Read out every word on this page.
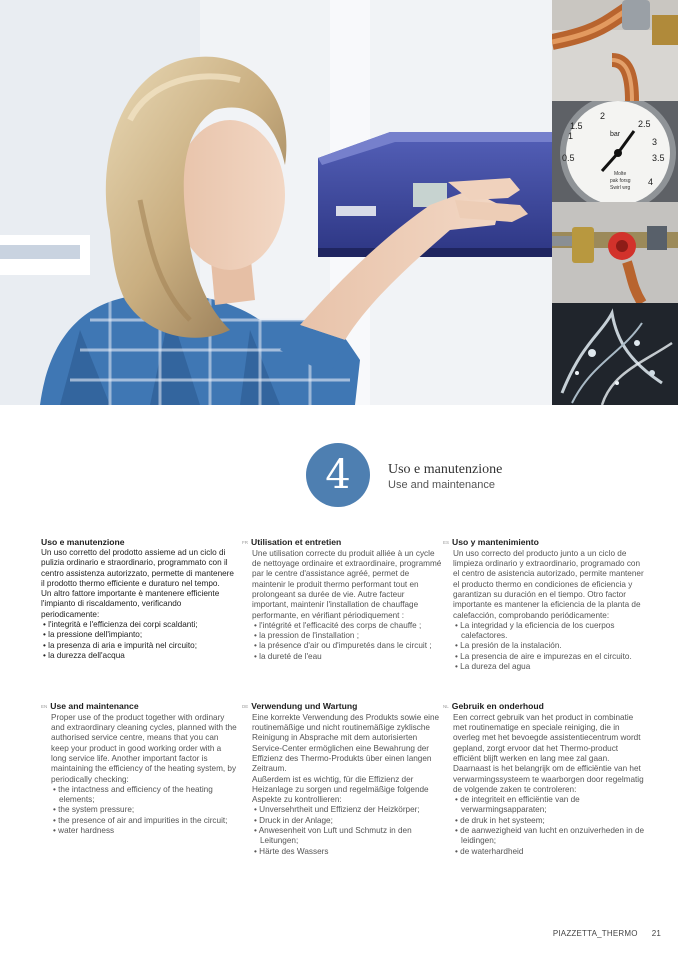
0.5
1
1.5
2
2.5
3
3.5
4
bar
Molte
pak forsg
Swirl wrg
4	Uso e manutenzione
Use and maintenance
Uso e manutenzione

Un uso corretto del prodotto assieme ad un ciclo di pulizia ordinario e straordinario, programmato con il centro assistenza autorizzato, permette di mantenere il prodotto thermo efficiente e duraturo nel tempo.

Un altro fattore importante è mantenere efficiente l'impianto di riscaldamento, verificando periodicamente:

• l'integrità e l'efficienza dei corpi scaldanti;
• la pressione dell'impianto;
• la presenza di aria e impurità nel circuito;
• la durezza dell'acqua
FR Utilisation et entretien

Une utilisation correcte du produit alliée à un cycle de nettoyage ordinaire et extraordinaire, programmé par le centre d'assistance agréé, permet de maintenir le produit thermo performant tout en prolongeant sa durée de vie. Autre facteur important, maintenir l'installation de chauffage performante, en vérifiant périodiquement :

• l'intégrité et l'efficacité des corps de chauffe ;
• la pression de l'installation ;
• la présence d'air ou d'impuretés dans le circuit ;
• la dureté de l'eau
ES Uso y mantenimiento

Un uso correcto del producto junto a un ciclo de limpieza ordinario y extraordinario, programado con el centro de asistencia autorizado, permite mantener el producto thermo en condiciones de eficiencia y garantizan su duración en el tiempo. Otro factor importante es mantener la eficiencia de la planta de calefacción, comprobando periódicamente:

• La integridad y la eficiencia de los cuerpos calefactores.
• La presión de la instalación.
• La presencia de aire e impurezas en el circuito.
• La dureza del agua
EN Use and maintenance

Proper use of the product together with ordinary and extraordinary cleaning cycles, planned with the authorised service centre, means that you can keep your product in good working order with a long service life. Another important factor is maintaining the efficiency of the heating system, by periodically checking:

• the intactness and efficiency of the heating elements;
• the system pressure;
• the presence of air and impurities in the circuit;
• water hardness
DE Verwendung und Wartung

Eine korrekte Verwendung des Produkts sowie eine routinemäßige und nicht routinemäßige zyklische Reinigung in Absprache mit dem autorisierten Service-Center ermöglichen eine Bewahrung der Effizienz des Thermo-Produkts über einen langen Zeitraum.

Außerdem ist es wichtig, für die Effizienz der Heizanlage zu sorgen und regelmäßige folgende Aspekte zu kontrollieren:

• Unversehrtheit und Effizienz der Heizkörper;
• Druck in der Anlage;
• Anwesenheit von Luft und Schmutz in den Leitungen;
• Härte des Wassers
NL Gebruik en onderhoud

Een correct gebruik van het product in combinatie met routinematige en speciale reiniging, die in overleg met het bevoegde assistentiecentrum wordt gepland, zorgt ervoor dat het Thermo-product efficiënt blijft werken en lang mee zal gaan. Daarnaast is het belangrijk om de efficiëntie van het verwarmingssysteem te waarborgen door regelmatig de volgende zaken te controleren:

• de integriteit en efficiëntie van de verwarmingsapparaten;
• de druk in het systeem;
• de aanwezigheid van lucht en onzuiverheden in de leidingen;
• de waterhardheid
PIAZZETTA_THERMO 21
